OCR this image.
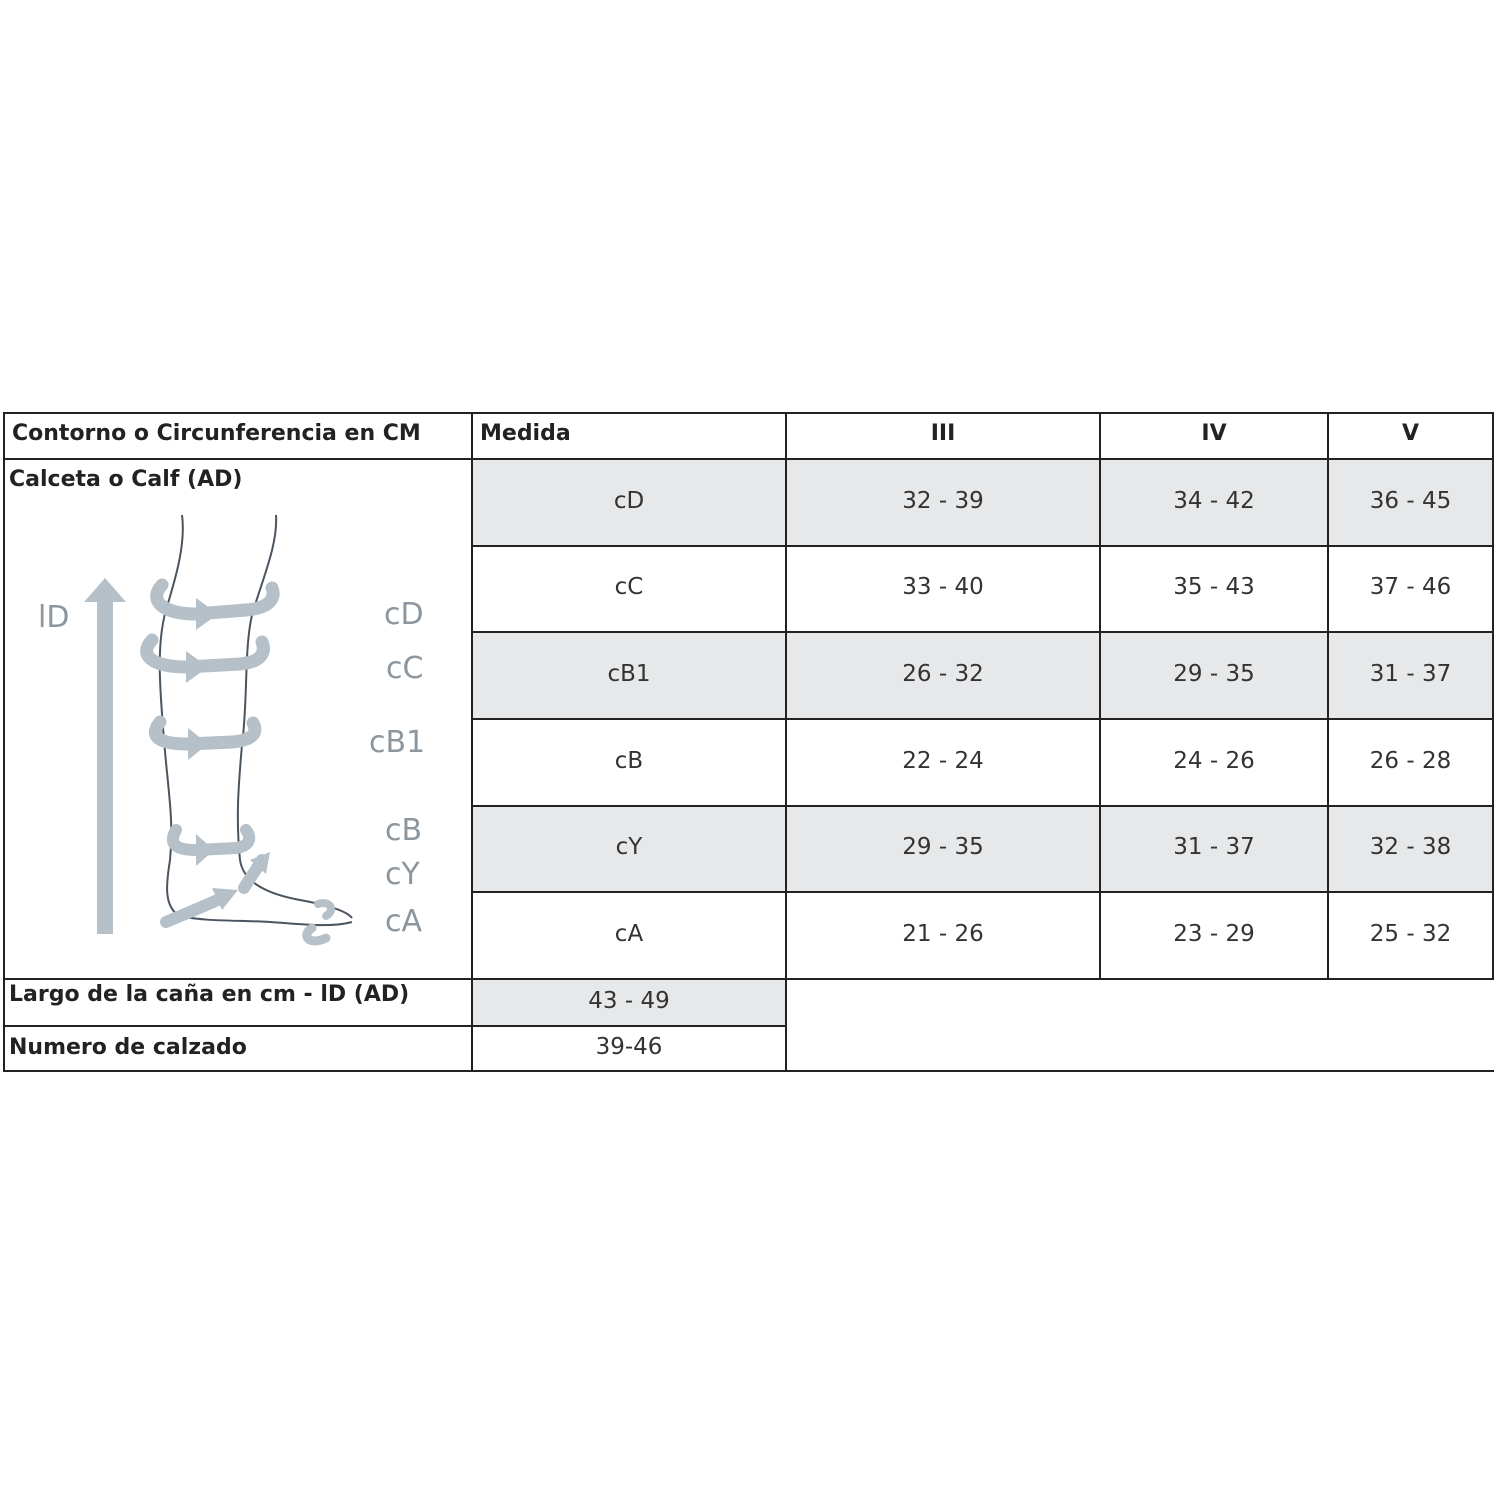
Contorno o Circunferencia en CM	Medida	III	IV	V
Calceta o Calf (AD)
cD	32 - 39	34 - 42	36 - 45
cC	33 - 40	35 - 43	37 - 46
cB1	26 - 32	29 - 35	31 - 37
cB	22 - 24	24 - 26	26 - 28
cY	29 - 35	31 - 37	32 - 38
cA	21 - 26	23 - 29	25 - 32
Largo de la caña en cm - lD (AD)	43 - 49
Numero de calzado	39-46
lD	cD
cC
cB1
cB
cY
cA
